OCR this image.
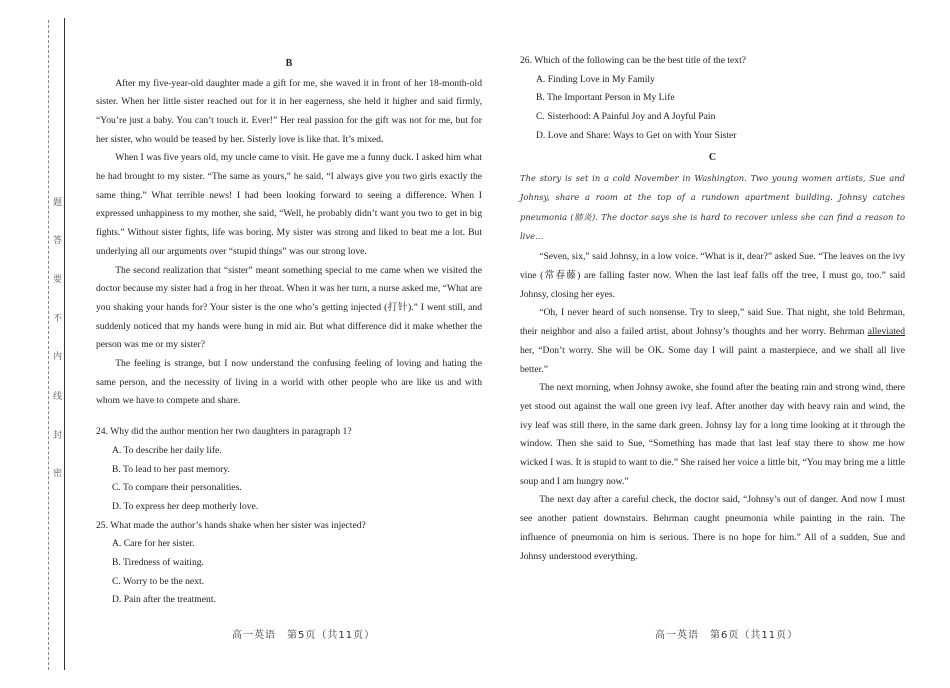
题
答
要
不
内
线
封
密
B

After my five-year-old daughter made a gift for me, she waved it in front of her 18-month-old sister. When her little sister reached out for it in her eagerness, she held it higher and said firmly, “You’re just a baby. You can’t touch it. Ever!” Her real passion for the gift was not for me, but for her sister, who would be teased by her. Sisterly love is like that. It’s mixed.

When I was five years old, my uncle came to visit. He gave me a funny duck. I asked him what he had brought to my sister. “The same as yours,” he said, “I always give you two girls exactly the same thing.” What terrible news! I had been looking forward to seeing a difference. When I expressed unhappiness to my mother, she said, “Well, he probably didn’t want you two to get in big fights.” Without sister fights, life was boring. My sister was strong and liked to beat me a lot. But underlying all our arguments over “stupid things” was our strong love.

The second realization that “sister” meant something special to me came when we visited the doctor because my sister had a frog in her throat. When it was her turn, a nurse asked me, “What are you shaking your hands for? Your sister is the one who’s getting injected (打针).” I went still, and suddenly noticed that my hands were hung in mid air. But what difference did it make whether the person was me or my sister?

The feeling is strange, but I now understand the confusing feeling of loving and hating the same person, and the necessity of living in a world with other people who are like us and with whom we have to compete and share.

24. Why did the author mention her two daughters in paragraph 1?

A. To describe her daily life.

B. To lead to her past memory.

C. To compare their personalities.

D. To express her deep motherly love.

25. What made the author’s hands shake when her sister was injected?

A. Care for her sister.

B. Tiredness of waiting.

C. Worry to be the next.

D. Pain after the treatment.

高一英语　第5页（共11页）

26. Which of the following can be the best title of the text?

A. Finding Love in My Family

B. The Important Person in My Life

C. Sisterhood: A Painful Joy and A Joyful Pain

D. Love and Share: Ways to Get on with Your Sister

C

The story is set in a cold November in Washington. Two young women artists, Sue and Johnsy, share a room at the top of a rundown apartment building. Johnsy catches pneumonia (肺炎). The doctor says she is hard to recover unless she can find a reason to live…

“Seven, six,” said Johnsy, in a low voice. “What is it, dear?” asked Sue. “The leaves on the ivy vine (常春藤) are falling faster now. When the last leaf falls off the tree, I must go, too.” said Johnsy, closing her eyes.

“Oh, I never heard of such nonsense. Try to sleep,” said Sue. That night, she told Behrman, their neighbor and also a failed artist, about Johnsy’s thoughts and her worry. Behrman alleviated her, “Don’t worry. She will be OK. Some day I will paint a masterpiece, and we shall all live better.”

The next morning, when Johnsy awoke, she found after the beating rain and strong wind, there yet stood out against the wall one green ivy leaf. After another day with heavy rain and wind, the ivy leaf was still there, in the same dark green. Johnsy lay for a long time looking at it through the window. Then she said to Sue, “Something has made that last leaf stay there to show me how wicked I was. It is stupid to want to die.” She raised her voice a little bit, “You may bring me a little soup and I am hungry now.”

The next day after a careful check, the doctor said, “Johnsy’s out of danger. And now I must see another patient downstairs. Behrman caught pneumonia while painting in the rain. The influence of pneumonia on him is serious. There is no hope for him.” All of a sudden, Sue and Johnsy understood everything.

高一英语　第6页（共11页）
